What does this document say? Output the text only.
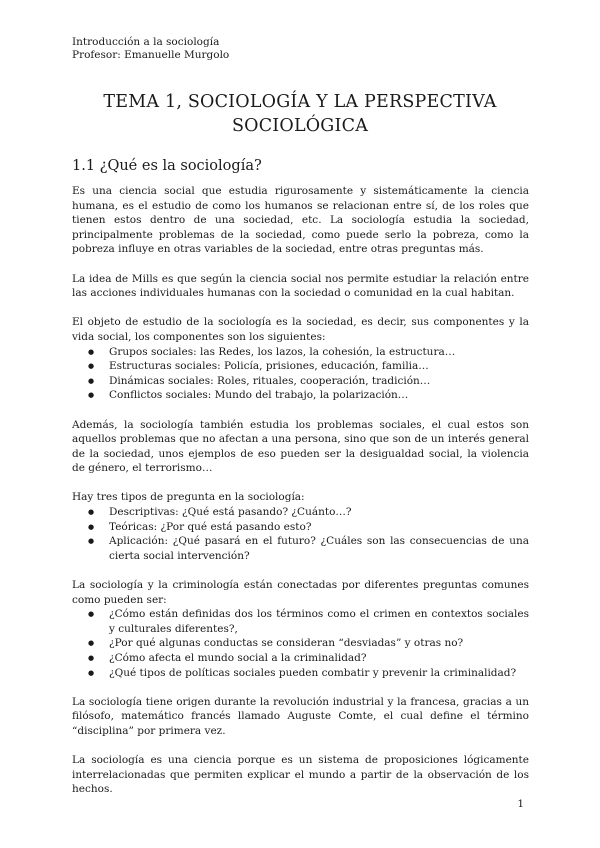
Introducción a la sociología
Profesor: Emanuelle Murgolo
TEMA 1, SOCIOLOGÍA Y LA PERSPECTIVA
SOCIOLÓGICA
1.1 ¿Qué es la sociología?

Es una ciencia social que estudia rigurosamente y sistemáticamente la ciencia humana, es el estudio de como los humanos se relacionan entre sí, de los roles que tienen estos dentro de una sociedad, etc. La sociología estudia la sociedad, principalmente problemas de la sociedad, como puede serlo la pobreza, como la pobreza influye en otras variables de la sociedad, entre otras preguntas más.

La idea de Mills es que según la ciencia social nos permite estudiar la relación entre las acciones individuales humanas con la sociedad o comunidad en la cual habitan.

El objeto de estudio de la sociología es la sociedad, es decir, sus componentes y la vida social, los componentes son los siguientes:

● Grupos sociales: las Redes, los lazos, la cohesión, la estructura…
● Estructuras sociales: Policía, prisiones, educación, familia…
● Dinámicas sociales: Roles, rituales, cooperación, tradición…
● Conflictos sociales: Mundo del trabajo, la polarización…

Además, la sociología también estudia los problemas sociales, el cual estos son aquellos problemas que no afectan a una persona, sino que son de un interés general de la sociedad, unos ejemplos de eso pueden ser la desigualdad social, la violencia de género, el terrorismo…

Hay tres tipos de pregunta en la sociología:

● Descriptivas: ¿Qué está pasando? ¿Cuánto…?
● Teóricas: ¿Por qué está pasando esto?
● Aplicación: ¿Qué pasará en el futuro? ¿Cuáles son las consecuencias de una cierta social intervención?

La sociología y la criminología están conectadas por diferentes preguntas comunes como pueden ser:

● ¿Cómo están definidas dos los términos como el crimen en contextos sociales y culturales diferentes?,
● ¿Por qué algunas conductas se consideran “desviadas” y otras no?
● ¿Cómo afecta el mundo social a la criminalidad?
● ¿Qué tipos de políticas sociales pueden combatir y prevenir la criminalidad?

La sociología tiene origen durante la revolución industrial y la francesa, gracias a un filósofo, matemático francés llamado Auguste Comte, el cual define el término “disciplina” por primera vez.

La sociología es una ciencia porque es un sistema de proposiciones lógicamente interrelacionadas que permiten explicar el mundo a partir de la observación de los hechos.

1
